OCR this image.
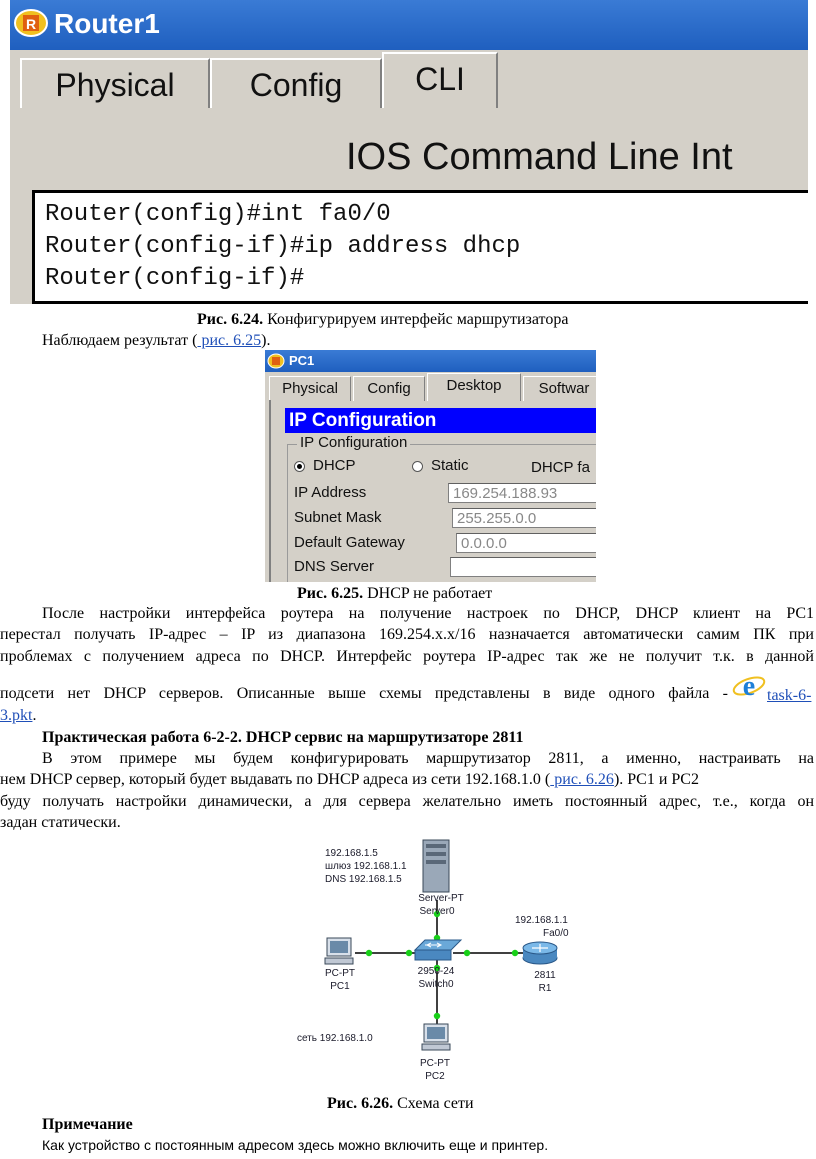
R Router1
Physical	Config	CLI
IOS Command Line Int
Router(config)#int fa0/0
Router(config-if)#ip address dhcp
Router(config-if)#
Рис. 6.24. Конфигурируем интерфейс маршрутизатора
Наблюдаем результат ( рис. 6.25).
PC1
Physical	Config	Desktop	Softwar
IP Configuration
IP Configuration
DHCP	Static	DHCP fa
IP Address	169.254.188.93
Subnet Mask	255.255.0.0
Default Gateway	0.0.0.0
DNS Server
Рис. 6.25. DHCP не работает
После настройки интерфейса роутера на получение настроек по DHCP, DHCP клиент на PC1
перестал получать IP-адрес – IP из диапазона 169.254.x.x/16 назначается автоматически самим ПК при
проблемах с получением адреса по DHCP. Интерфейс роутера IP-адрес так же не получит т.к. в данной
подсети нет DHCP серверов. Описанные выше схемы представлены в виде одного файла - e task-6-
3.pkt.
Практическая работа 6-2-2. DHCP сервис на маршрутизаторе 2811
В этом примере мы будем конфигурировать маршрутизатор 2811, а именно, настраивать на
нем DHCP сервер, который будет выдавать по DHCP адреса из сети 192.168.1.0 ( рис. 6.26). PC1 и PC2
буду получать настройки динамически, а для сервера желательно иметь постоянный адрес, т.е., когда он
задан статически.
192.168.1.5
шлюз 192.168.1.1
DNS 192.168.1.5
Server-PT
Server0
2950-24
Switch0
192.168.1.1
Fa0/0
2811
R1
PC-PT
PC1
сеть 192.168.1.0
PC-PT
PC2
Рис. 6.26. Схема сети
Примечание
Как устройство с постоянным адресом здесь можно включить еще и принтер.
